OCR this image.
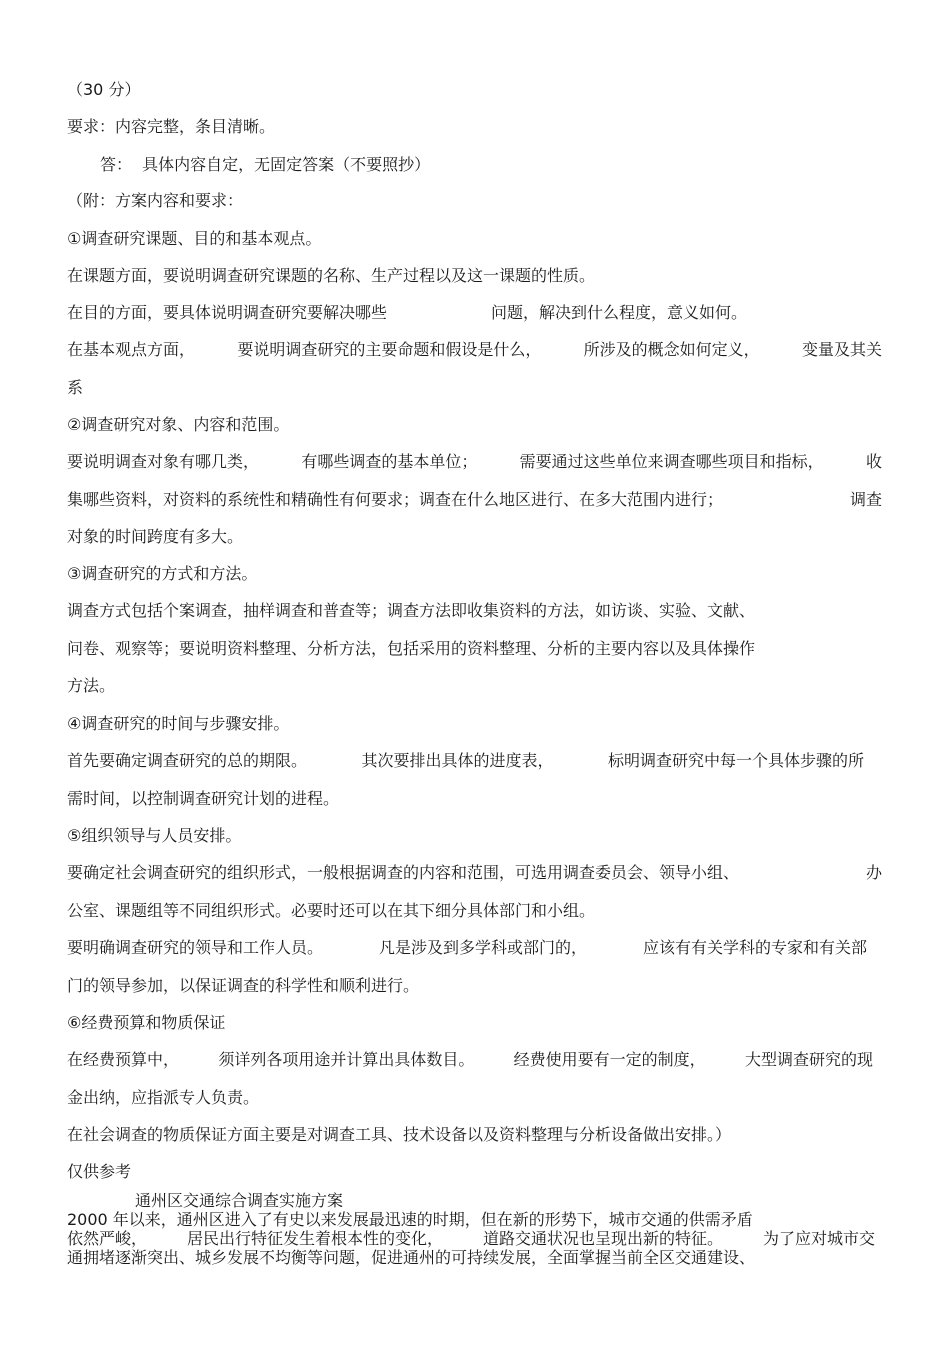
（30 分）
要求：内容完整，条目清晰。
答：  具体内容自定，无固定答案（不要照抄）
（附：方案内容和要求：
①调查研究课题、目的和基本观点。
在课题方面，要说明调查研究课题的名称、生产过程以及这一课题的性质。
在目的方面，要具体说明调查研究要解决哪些	问题，解决到什么程度，意义如何。
在基本观点方面，	要说明调查研究的主要命题和假设是什么，	所涉及的概念如何定义，	变量及其关
系
②调查研究对象、内容和范围。
要说明调查对象有哪几类，	有哪些调查的基本单位；	需要通过这些单位来调查哪些项目和指标，	收
集哪些资料，对资料的系统性和精确性有何要求；调查在什么地区进行、在多大范围内进行；	调查
对象的时间跨度有多大。
③调查研究的方式和方法。
调查方式包括个案调查，抽样调查和普查等；调查方法即收集资料的方法，如访谈、实验、文献、
问卷、观察等；要说明资料整理、分析方法，包括采用的资料整理、分析的主要内容以及具体操作
方法。
④调查研究的时间与步骤安排。
首先要确定调查研究的总的期限。	其次要排出具体的进度表，	标明调查研究中每一个具体步骤的所
需时间，以控制调查研究计划的进程。
⑤组织领导与人员安排。
要确定社会调查研究的组织形式，一般根据调查的内容和范围，可选用调查委员会、领导小组、	办
公室、课题组等不同组织形式。必要时还可以在其下细分具体部门和小组。
要明确调查研究的领导和工作人员。	凡是涉及到多学科或部门的，	应该有有关学科的专家和有关部
门的领导参加，以保证调查的科学性和顺利进行。
⑥经费预算和物质保证
在经费预算中， 须详列各项用途并计算出具体数目。 经费使用要有一定的制度， 大型调查研究的现
金出纳，应指派专人负责。
在社会调查的物质保证方面主要是对调查工具、技术设备以及资料整理与分析设备做出安排。）
仅供参考
通州区交通综合调查实施方案
2000 年以来，通州区进入了有史以来发展最迅速的时期，但在新的形势下，城市交通的供需矛盾
依然严峻， 居民出行特征发生着根本性的变化， 道路交通状况也呈现出新的特征。 为了应对城市交
通拥堵逐渐突出、城乡发展不均衡等问题，促进通州的可持续发展，全面掌握当前全区交通建设、
